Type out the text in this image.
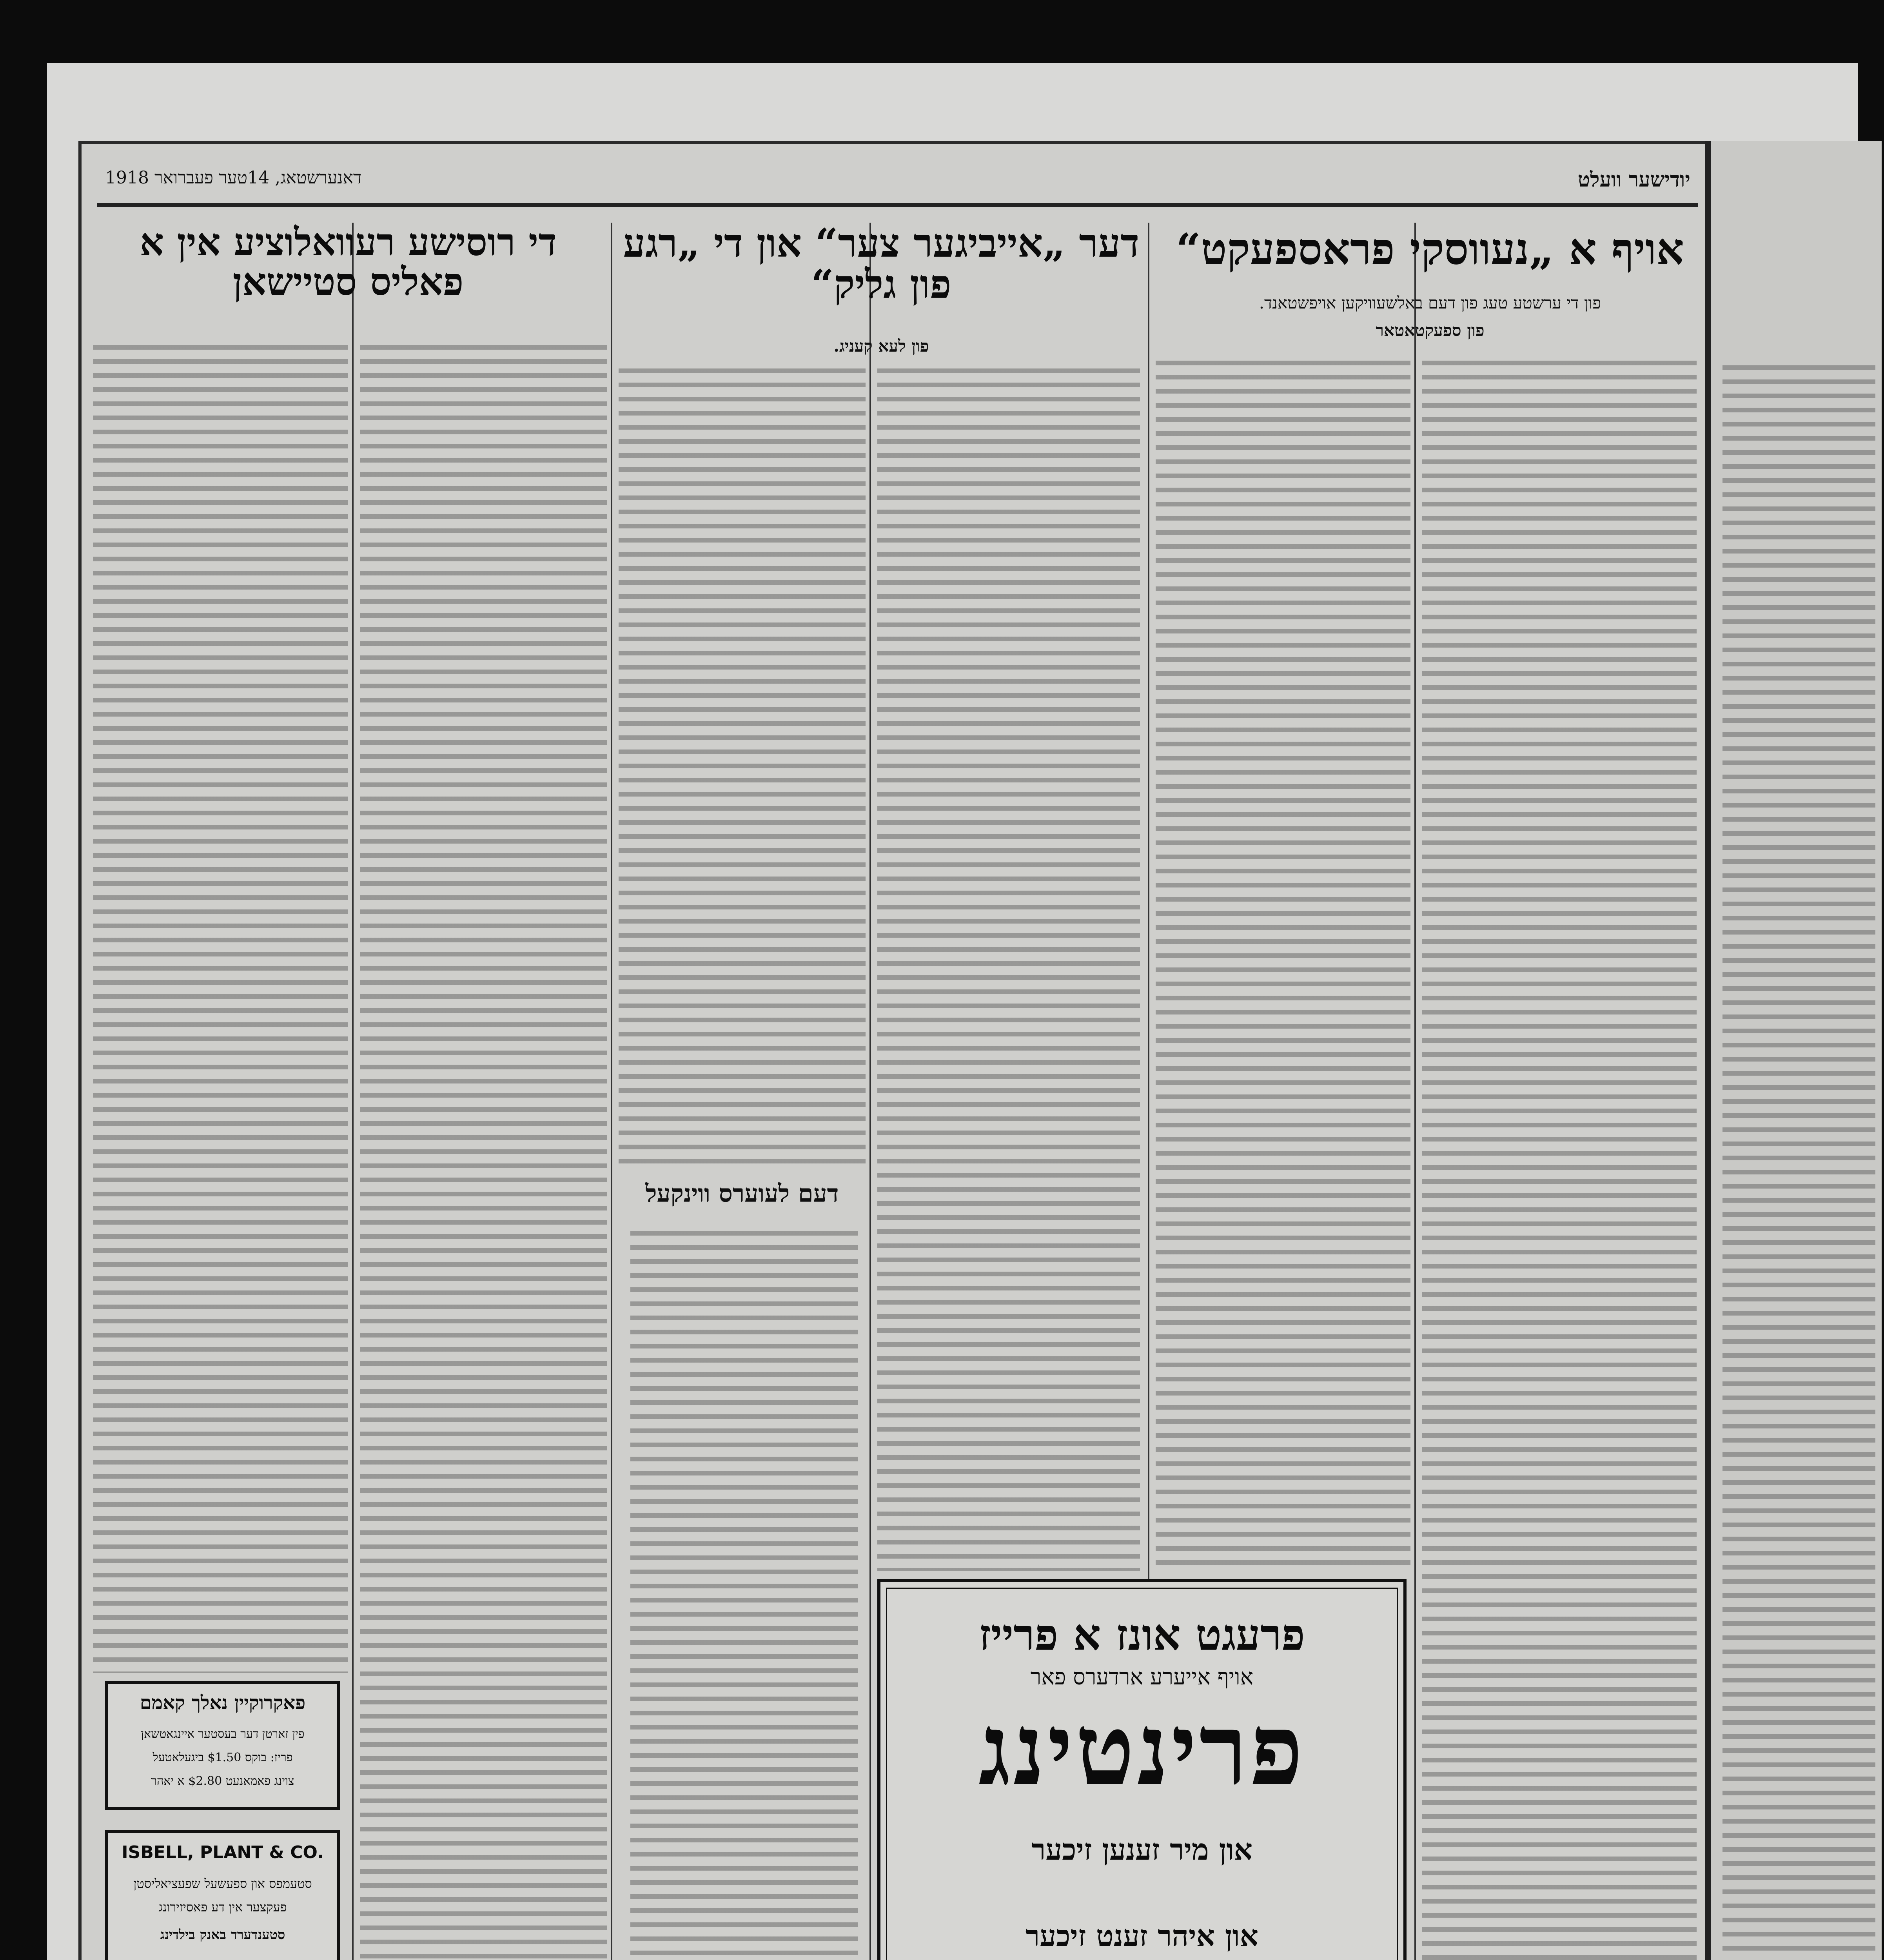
1918 דאנערשטאג, 14טער פעברואר	יודישער וועלט
אויף א „נעווסקי פראספעקט“
פון די ערשטע טעג פון דעם באלשעוויקען אויפשטאנד.
פון ספעקטאטאר
דער „אייביגער צער“ און די „רגע פון גליק“
פון לעא קעניג.
די רוסישע רעוואלוציע אין א פאליס סטיישאן
דעם לעוערס ווינקעל
פרעגט אונז א פרייז
אויף אייערע ארדערס פאר
פרינטינג
און מיר זענען זיכער
און איהר זענט זיכער
פאקרוקיין נאלך קאמם
פין זארטן דער בעסטער איינגאטשאן
פריז: בוקס ‎$1.50‎ ביגעלאטעל
צוינג פאמאנעט ‎$2.80‎ א יאהר
ISBELL, PLANT & CO.
סטעמפס און ספעשעל שפעציאליסטן
פעקצער אין דע פאסיזירונג
סטענדערד באנק בילדינג
